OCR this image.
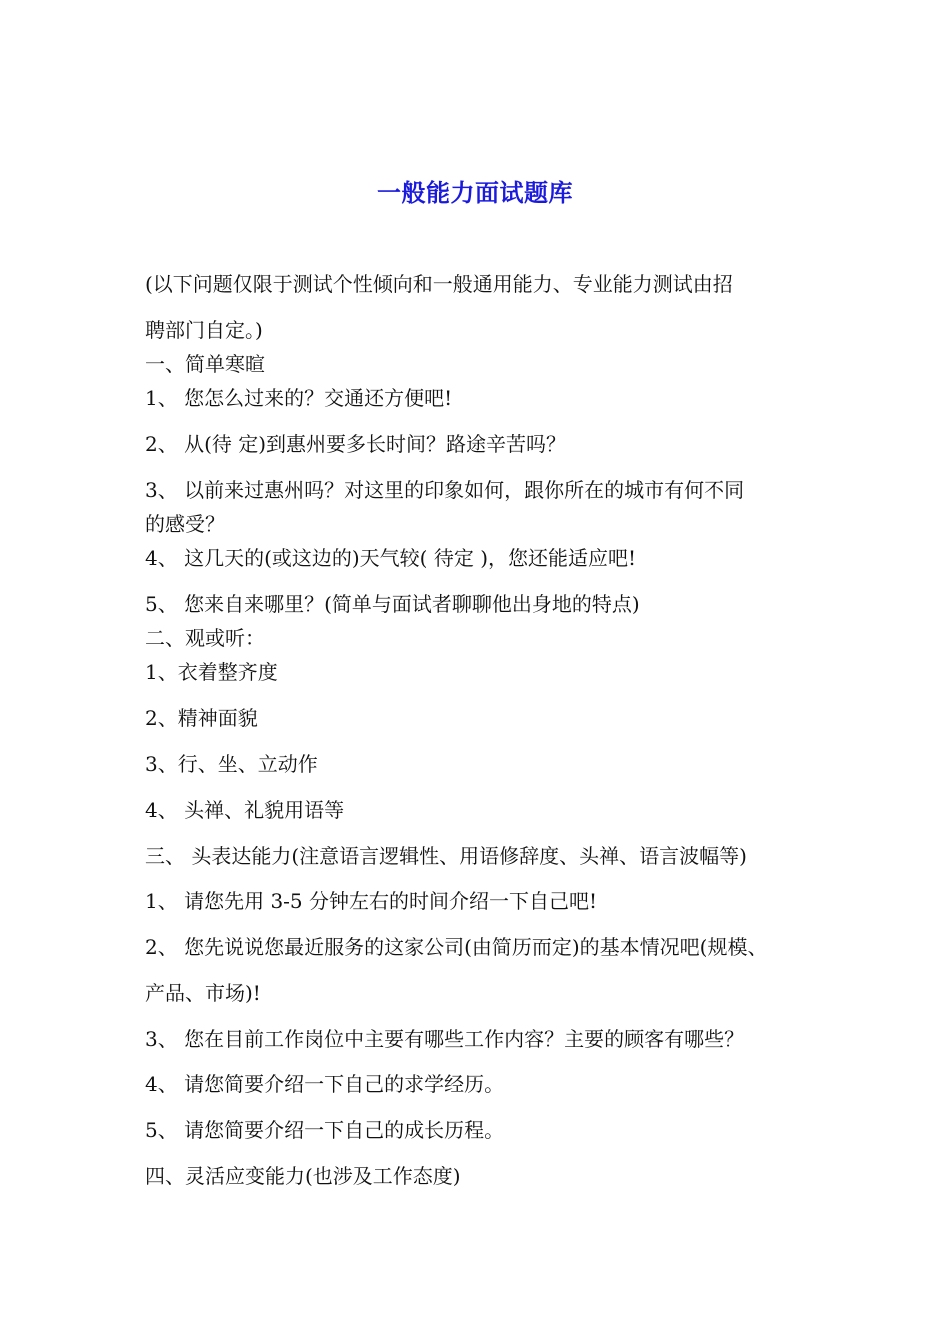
一般能力面试题库
(以下问题仅限于测试个性倾向和一般通用能力、专业能力测试由招
聘部门自定。)
一、简单寒暄
1、 您怎么过来的？交通还方便吧!
2、 从(待 定)到惠州要多长时间？路途辛苦吗？
3、 以前来过惠州吗？对这里的印象如何，跟你所在的城市有何不同
的感受？
4、 这几天的(或这边的)天气较( 待定 )，您还能适应吧!
5、 您来自来哪里？(简单与面试者聊聊他出身地的特点)
二、观或听：
1、衣着整齐度
2、精神面貌
3、行、坐、立动作
4、 头禅、礼貌用语等
三、 头表达能力(注意语言逻辑性、用语修辞度、头禅、语言波幅等)
1、 请您先用 3-5 分钟左右的时间介绍一下自己吧!
2、 您先说说您最近服务的这家公司(由简历而定)的基本情况吧(规模、
产品、市场)!
3、 您在目前工作岗位中主要有哪些工作内容？主要的顾客有哪些？
4、 请您简要介绍一下自己的求学经历。
5、 请您简要介绍一下自己的成长历程。
四、灵活应变能力(也涉及工作态度)
